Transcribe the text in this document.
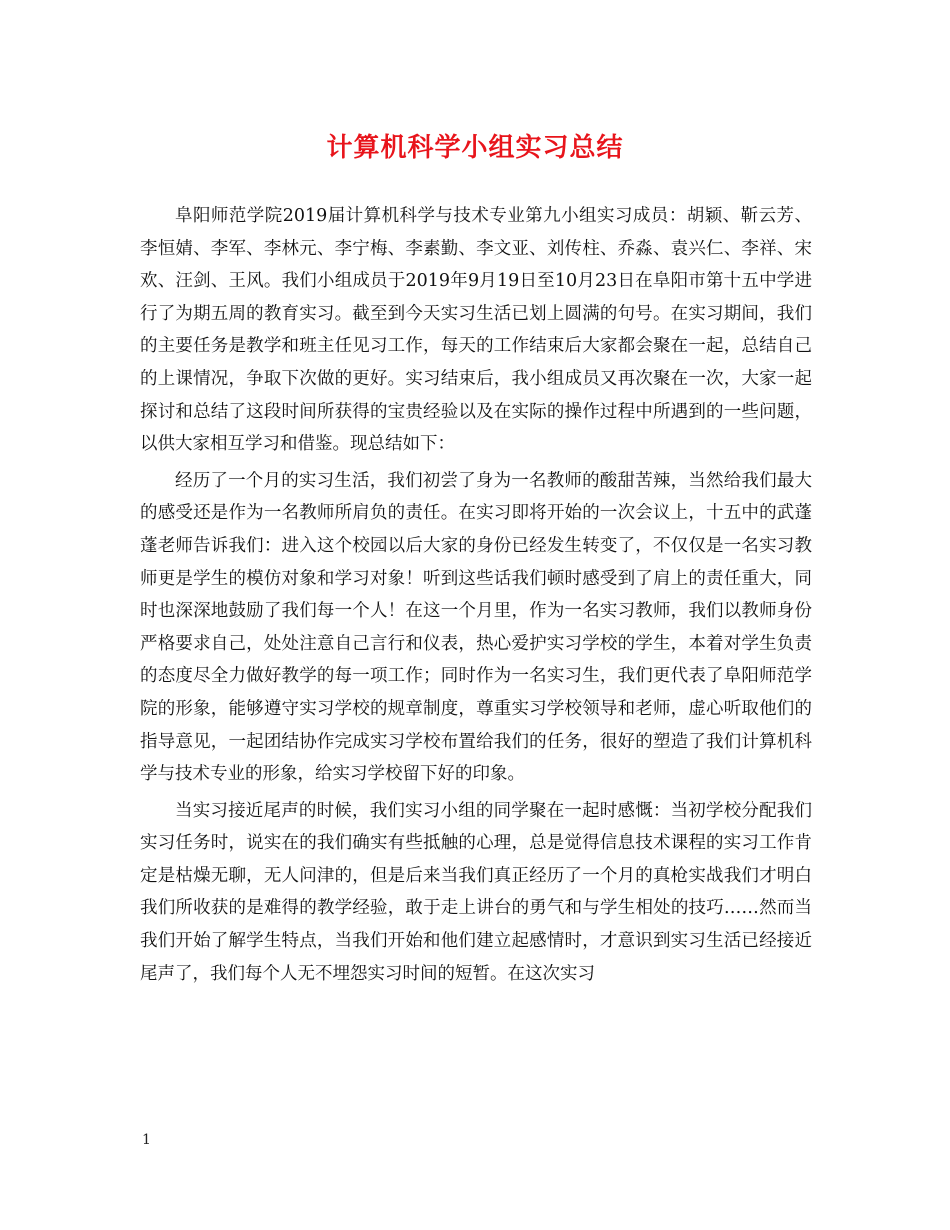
计算机科学小组实习总结

阜阳师范学院2019届计算机科学与技术专业第九小组实习成员：胡颖、靳云芳、李恒婧、李军、李林元、李宁梅、李素勤、李文亚、刘传柱、乔淼、袁兴仁、李祥、宋欢、汪剑、王风。我们小组成员于2019年9月19日至10月23日在阜阳市第十五中学进行了为期五周的教育实习。截至到今天实习生活已划上圆满的句号。在实习期间，我们的主要任务是教学和班主任见习工作，每天的工作结束后大家都会聚在一起，总结自己的上课情况，争取下次做的更好。实习结束后，我小组成员又再次聚在一次，大家一起探讨和总结了这段时间所获得的宝贵经验以及在实际的操作过程中所遇到的一些问题，以供大家相互学习和借鉴。现总结如下：

经历了一个月的实习生活，我们初尝了身为一名教师的酸甜苦辣，当然给我们最大的感受还是作为一名教师所肩负的责任。在实习即将开始的一次会议上，十五中的武蓬蓬老师告诉我们：进入这个校园以后大家的身份已经发生转变了，不仅仅是一名实习教师更是学生的模仿对象和学习对象！听到这些话我们顿时感受到了肩上的责任重大，同时也深深地鼓励了我们每一个人！在这一个月里，作为一名实习教师，我们以教师身份严格要求自己，处处注意自己言行和仪表，热心爱护实习学校的学生，本着对学生负责的态度尽全力做好教学的每一项工作；同时作为一名实习生，我们更代表了阜阳师范学院的形象，能够遵守实习学校的规章制度，尊重实习学校领导和老师，虚心听取他们的指导意见，一起团结协作完成实习学校布置给我们的任务，很好的塑造了我们计算机科学与技术专业的形象，给实习学校留下好的印象。

当实习接近尾声的时候，我们实习小组的同学聚在一起时感慨：当初学校分配我们实习任务时，说实在的我们确实有些抵触的心理，总是觉得信息技术课程的实习工作肯定是枯燥无聊，无人问津的，但是后来当我们真正经历了一个月的真枪实战我们才明白我们所收获的是难得的教学经验，敢于走上讲台的勇气和与学生相处的技巧……然而当我们开始了解学生特点，当我们开始和他们建立起感情时，才意识到实习生活已经接近尾声了，我们每个人无不埋怨实习时间的短暂。在这次实习

1
